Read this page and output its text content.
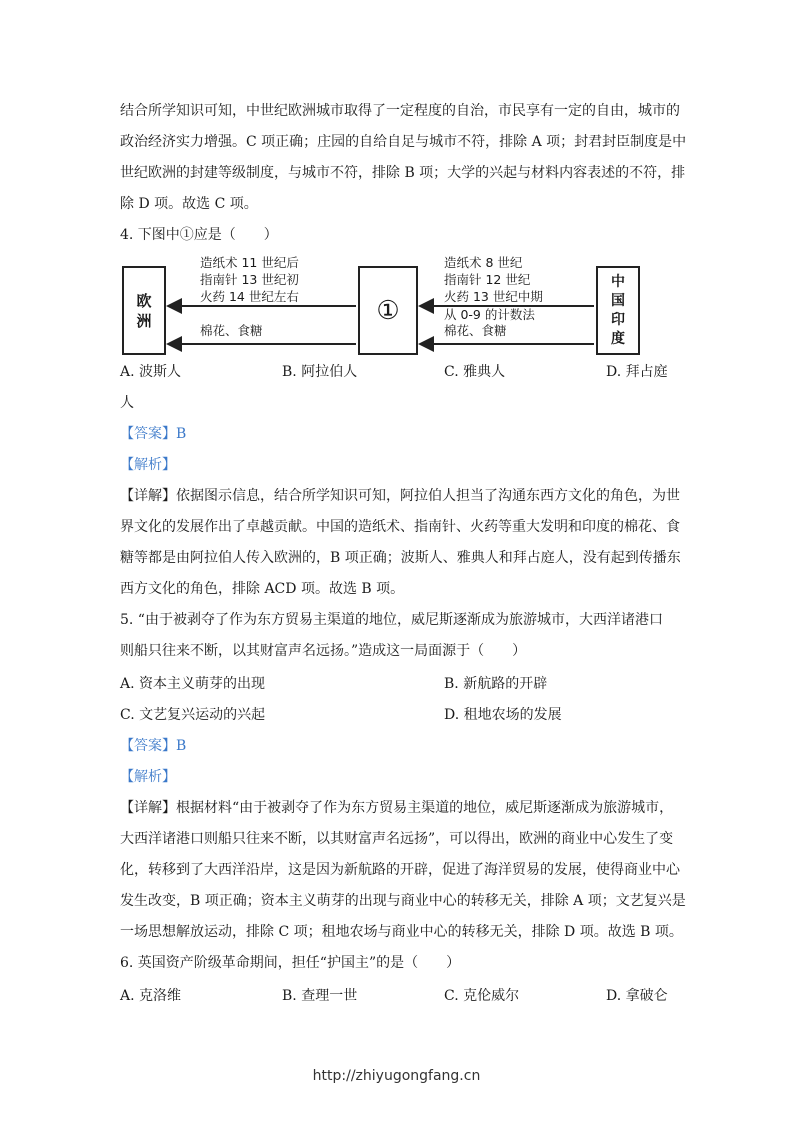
结合所学知识可知，中世纪欧洲城市取得了一定程度的自治，市民享有一定的自由，城市的
政治经济实力增强。C 项正确；庄园的自给自足与城市不符，排除 A 项；封君封臣制度是中
世纪欧洲的封建等级制度，与城市不符，排除 B 项；大学的兴起与材料内容表述的不符，排
除 D 项。故选 C 项。
4. 下图中①应是（　　）
欧
洲	①
中
国
印
度
造纸术 11 世纪后
指南针 13 世纪初
火药 14 世纪左右
棉花、食糖
造纸术 8 世纪
指南针 12 世纪
火药 13 世纪中期
从 0-9 的计数法
棉花、食糖
A. 波斯人	B. 阿拉伯人	C. 雅典人	D. 拜占庭
人
【答案】B
【解析】
【详解】依据图示信息，结合所学知识可知，阿拉伯人担当了沟通东西方文化的角色，为世
界文化的发展作出了卓越贡献。中国的造纸术、指南针、火药等重大发明和印度的棉花、食
糖等都是由阿拉伯人传入欧洲的，B 项正确；波斯人、雅典人和拜占庭人，没有起到传播东
西方文化的角色，排除 ACD 项。故选 B 项。
5. “由于被剥夺了作为东方贸易主渠道的地位，威尼斯逐渐成为旅游城市，大西洋诸港口
则船只往来不断，以其财富声名远扬。”造成这一局面源于（　　）
A. 资本主义萌芽的出现	B. 新航路的开辟
C. 文艺复兴运动的兴起	D. 租地农场的发展
【答案】B
【解析】
【详解】根据材料“由于被剥夺了作为东方贸易主渠道的地位，威尼斯逐渐成为旅游城市，
大西洋诸港口则船只往来不断，以其财富声名远扬”，可以得出，欧洲的商业中心发生了变
化，转移到了大西洋沿岸，这是因为新航路的开辟，促进了海洋贸易的发展，使得商业中心
发生改变，B 项正确；资本主义萌芽的出现与商业中心的转移无关，排除 A 项；文艺复兴是
一场思想解放运动，排除 C 项；租地农场与商业中心的转移无关，排除 D 项。故选 B 项。
6. 英国资产阶级革命期间，担任“护国主”的是（　　）
A. 克洛维	B. 查理一世	C. 克伦威尔	D. 拿破仑
http://zhiyugongfang.cn
